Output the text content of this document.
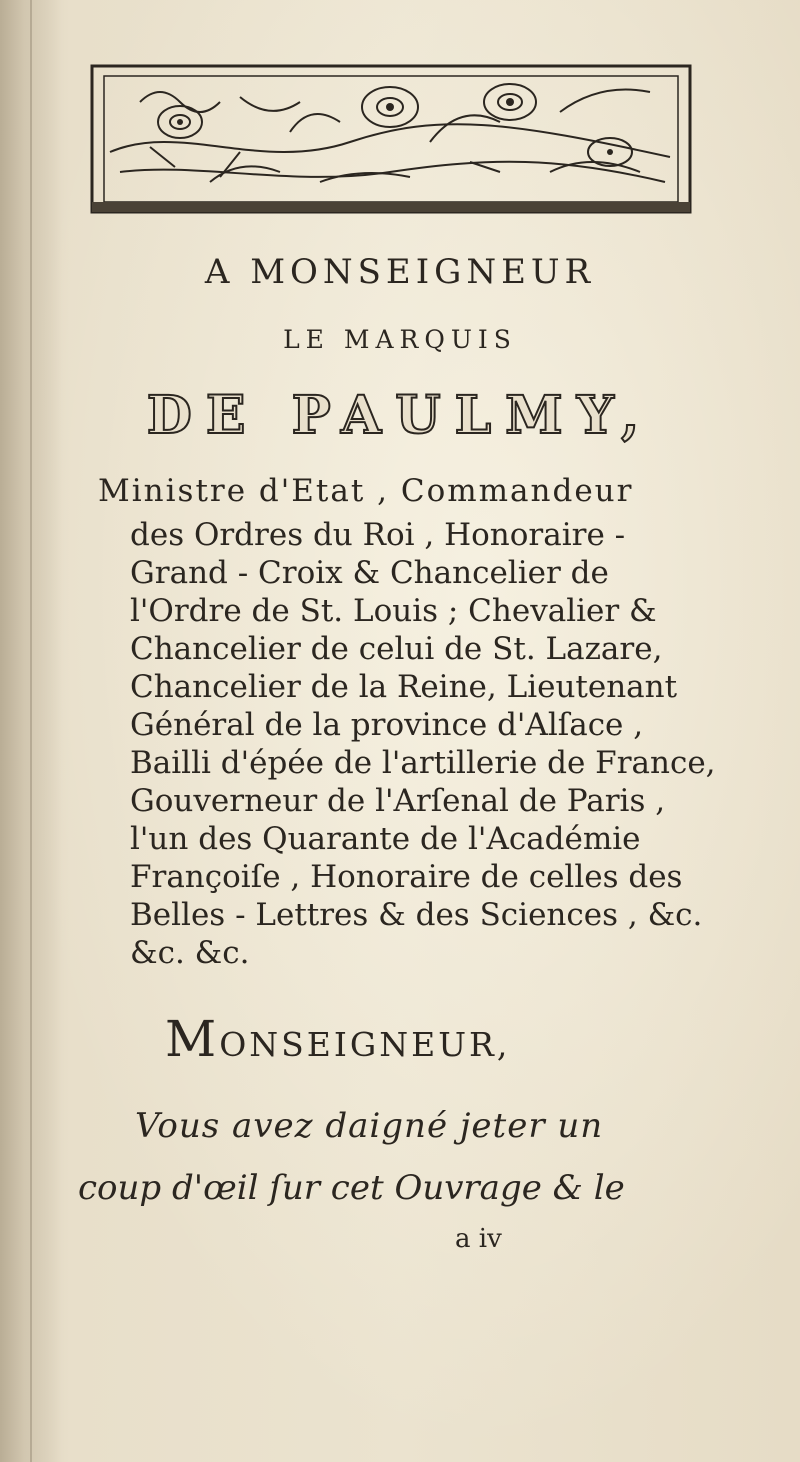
A MONSEIGNEUR
LE MARQUIS
DE PAULMY,
Ministre d'Etat , Commandeur
des Ordres du Roi , Honoraire -
Grand - Croix & Chancelier de
l'Ordre de St. Louis ; Chevalier &
Chancelier de celui de St. Lazare,
Chancelier de la Reine, Lieutenant
Général de la province d'Alſace ,
Bailli d'épée de l'artillerie de France,
Gouverneur de l'Arſenal de Paris ,
l'un des Quarante de l'Académie
Françoiſe , Honoraire de celles des
Belles - Lettres & des Sciences , &c.
&c. &c.
MONSEIGNEUR,
Vous avez daigné jeter un
coup d'œil ſur cet Ouvrage & le
a iv
